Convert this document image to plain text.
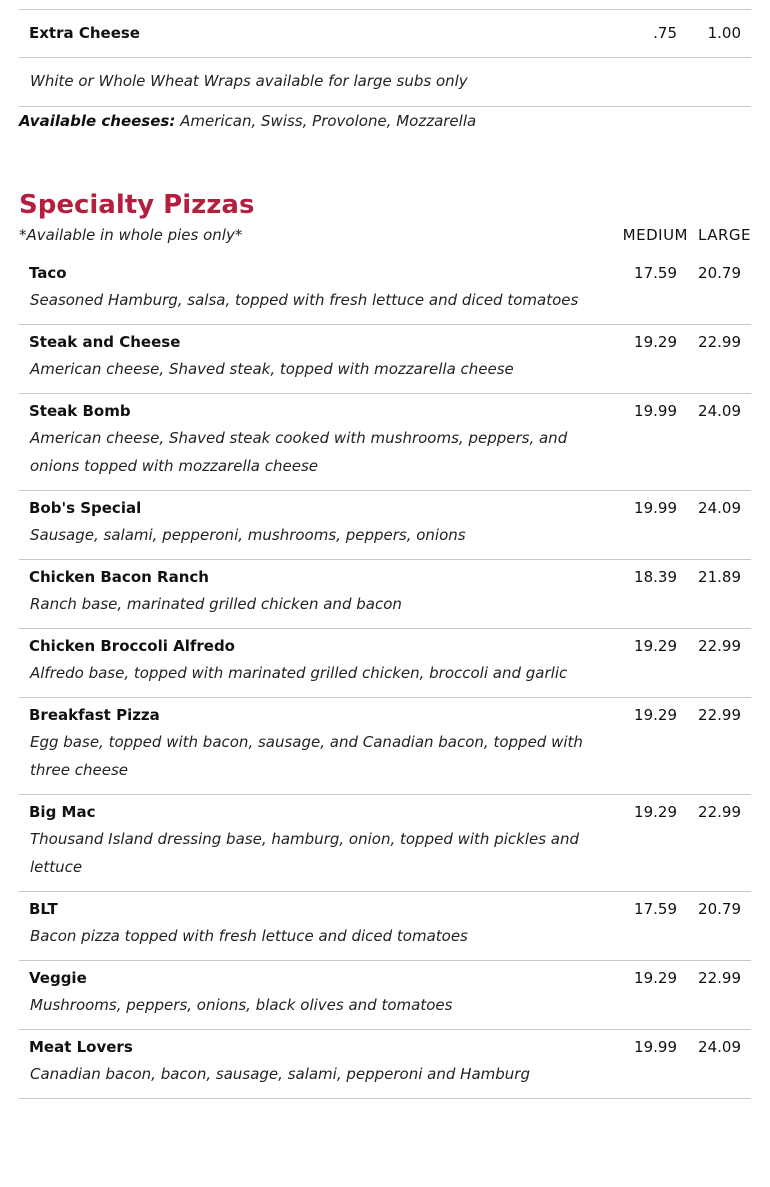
Extra Cheese	.75	1.00
White or Whole Wheat Wraps available for large subs only
Available cheeses: American, Swiss, Provolone, Mozzarella
Specialty Pizzas
*Available in whole pies only*	MEDIUM LARGE
Taco
Seasoned Hamburg, salsa, topped with fresh lettuce and diced tomatoes
17.59	20.79
Steak and Cheese
American cheese, Shaved steak, topped with mozzarella cheese
19.29	22.99
Steak Bomb
American cheese, Shaved steak cooked with mushrooms, peppers, and onions topped with mozzarella cheese
19.99	24.09
Bob's Special
Sausage, salami, pepperoni, mushrooms, peppers, onions
19.99	24.09
Chicken Bacon Ranch
Ranch base, marinated grilled chicken and bacon
18.39	21.89
Chicken Broccoli Alfredo
Alfredo base, topped with marinated grilled chicken, broccoli and garlic
19.29	22.99
Breakfast Pizza
Egg base, topped with bacon, sausage, and Canadian bacon, topped with three cheese
19.29	22.99
Big Mac
Thousand Island dressing base, hamburg, onion, topped with pickles and lettuce
19.29	22.99
BLT
Bacon pizza topped with fresh lettuce and diced tomatoes
17.59	20.79
Veggie
Mushrooms, peppers, onions, black olives and tomatoes
19.29	22.99
Meat Lovers
Canadian bacon, bacon, sausage, salami, pepperoni and Hamburg
19.99	24.09
